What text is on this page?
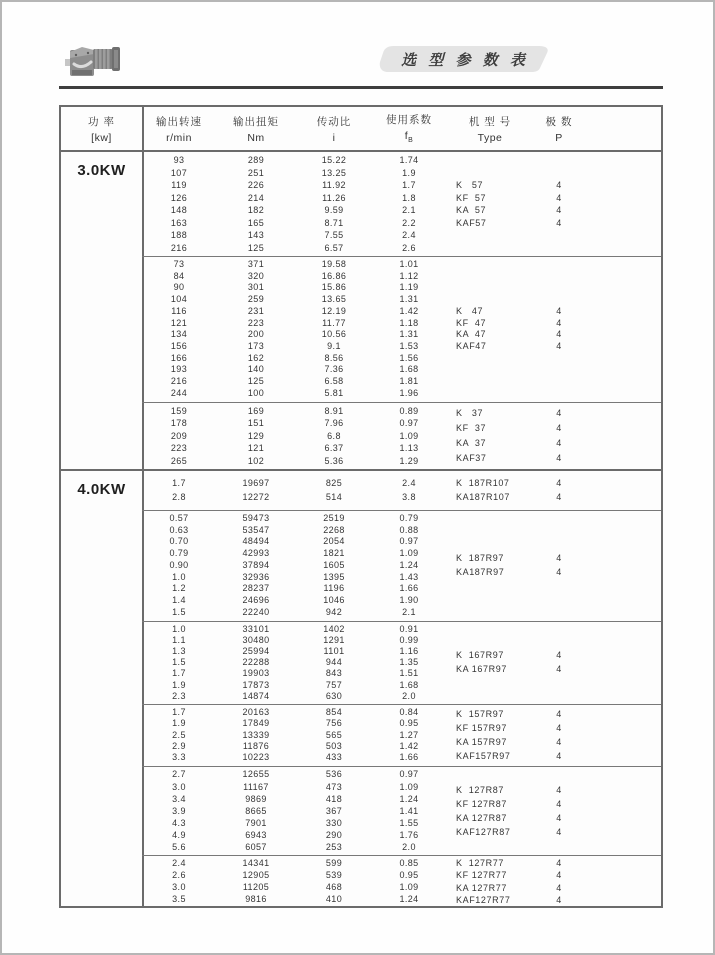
选 型 参 数 表
功 率
[kw]
输出转速
r/min
输出扭矩
Nm
传动比
i
使用系数
$f_B$
机 型 号
Type
极 数
P
3.0KW
93
107
119
126
148
163
188
216
289
251
226
214
182
165
143
125
15.22
13.25
11.92
11.26
9.59
8.71
7.55
6.57
1.74
1.9
1.7
1.8
2.1
2.2
2.4
2.6
K   57
KF  57
KA  57
KAF57
4
4
4
4
73
84
90
104
116
121
134
156
166
193
216
244
371
320
301
259
231
223
200
173
162
140
125
100
19.58
16.86
15.86
13.65
12.19
11.77
10.56
9.1
8.56
7.36
6.58
5.81
1.01
1.12
1.19
1.31
1.42
1.18
1.31
1.53
1.56
1.68
1.81
1.96
K   47
KF  47
KA  47
KAF47
4
4
4
4
159
178
209
223
265
169
151
129
121
102
8.91
7.96
6.8
6.37
5.36
0.89
0.97
1.09
1.13
1.29
K   37
KF  37
KA  37
KAF37
4
4
4
4
4.0KW	1.7
2.8
19697
12272
825
514
2.4
3.8
K  187R107
KA187R107
4
4
0.57
0.63
0.70
0.79
0.90
1.0
1.2
1.4
1.5
59473
53547
48494
42993
37894
32936
28237
24696
22240
2519
2268
2054
1821
1605
1395
1196
1046
942
0.79
0.88
0.97
1.09
1.24
1.43
1.66
1.90
2.1
K  187R97
KA187R97
4
4
1.0
1.1
1.3
1.5
1.7
1.9
2.3
33101
30480
25994
22288
19903
17873
14874
1402
1291
1101
944
843
757
630
0.91
0.99
1.16
1.35
1.51
1.68
2.0
K  167R97
KA 167R97
4
4
1.7
1.9
2.5
2.9
3.3
20163
17849
13339
11876
10223
854
756
565
503
433
0.84
0.95
1.27
1.42
1.66
K  157R97
KF 157R97
KA 157R97
KAF157R97
4
4
4
4
2.7
3.0
3.4
3.9
4.3
4.9
5.6
12655
11167
9869
8665
7901
6943
6057
536
473
418
367
330
290
253
0.97
1.09
1.24
1.41
1.55
1.76
2.0
K  127R87
KF 127R87
KA 127R87
KAF127R87
4
4
4
4
2.4
2.6
3.0
3.5
14341
12905
11205
9816
599
539
468
410
0.85
0.95
1.09
1.24
K  127R77
KF 127R77
KA 127R77
KAF127R77
4
4
4
4
